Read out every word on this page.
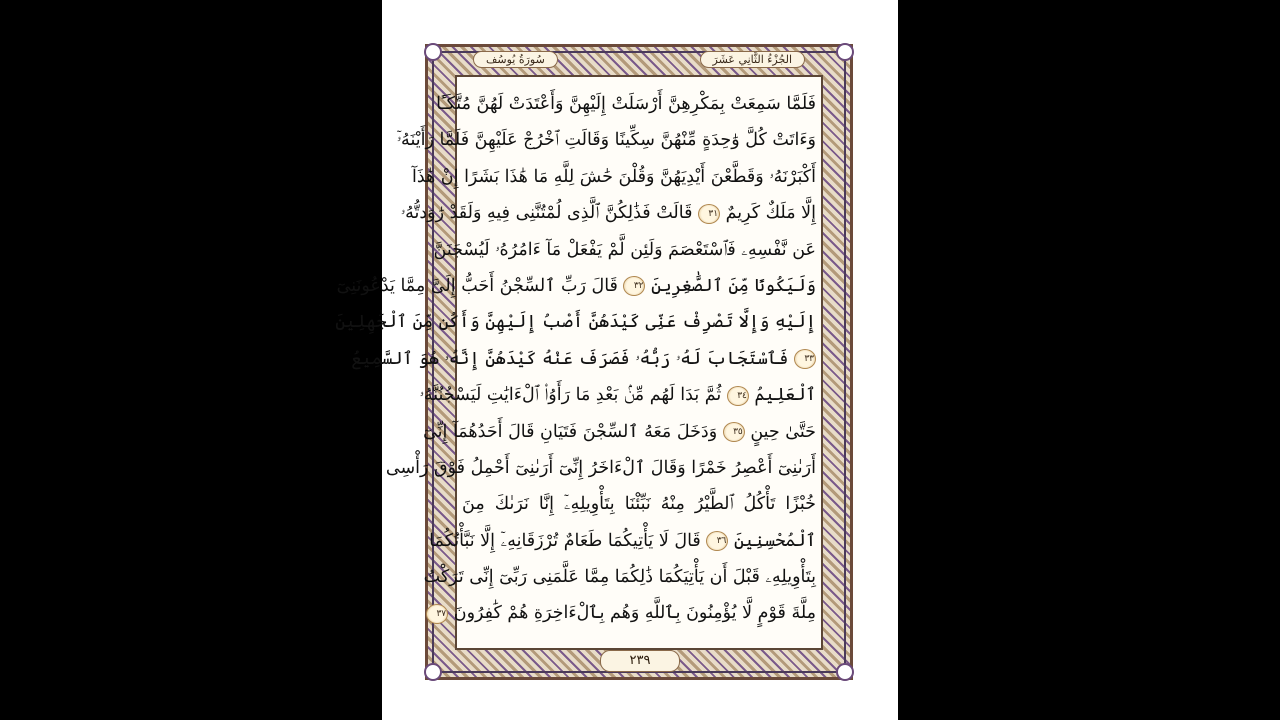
سُورَةُ يُوسُف	الجُزْءُ الثَّانِي عَشَرَ
فَلَمَّا سَمِعَتْ بِمَكْرِهِنَّ أَرْسَلَتْ إِلَيْهِنَّ وَأَعْتَدَتْ لَهُنَّ مُتَّكَـًٔا
وَءَاتَتْ كُلَّ وَٰحِدَةٍ مِّنْهُنَّ سِكِّينًا وَقَالَتِ ٱخْرُجْ عَلَيْهِنَّ فَلَمَّا رَأَيْنَهُۥٓ
أَكْبَرْنَهُۥ وَقَطَّعْنَ أَيْدِيَهُنَّ وَقُلْنَ حَٰشَ لِلَّهِ مَا هَٰذَا بَشَرًا إِنْ هَٰذَآ
إِلَّا مَلَكٌ كَرِيمٌ ٣١ قَالَتْ فَذَٰلِكُنَّ ٱلَّذِى لُمْتُنَّنِى فِيهِ وَلَقَدْ رَٰوَدتُّهُۥ
عَن نَّفْسِهِۦ فَٱسْتَعْصَمَ وَلَئِن لَّمْ يَفْعَلْ مَآ ءَامُرُهُۥ لَيُسْجَنَنَّ
وَلَيَكُونًا مِّنَ ٱلصَّٰغِرِينَ ٣٢ قَالَ رَبِّ ٱلسِّجْنُ أَحَبُّ إِلَىَّ مِمَّا يَدْعُونَنِىٓ
إِلَيْهِ وَإِلَّا تَصْرِفْ عَنِّى كَيْدَهُنَّ أَصْبُ إِلَيْهِنَّ وَأَكُن مِّنَ ٱلْجَٰهِلِينَ
٣٣ فَٱسْتَجَابَ لَهُۥ رَبُّهُۥ فَصَرَفَ عَنْهُ كَيْدَهُنَّ إِنَّهُۥ هُوَ ٱلسَّمِيعُ
ٱلْعَلِيمُ ٣٤ ثُمَّ بَدَا لَهُم مِّنۢ بَعْدِ مَا رَأَوُا۟ ٱلْءَايَٰتِ لَيَسْجُنُنَّهُۥ
حَتَّىٰ حِينٍ ٣٥ وَدَخَلَ مَعَهُ ٱلسِّجْنَ فَتَيَانِ قَالَ أَحَدُهُمَآ إِنِّىٓ
أَرَىٰنِىٓ أَعْصِرُ خَمْرًا وَقَالَ ٱلْءَاخَرُ إِنِّىٓ أَرَىٰنِىٓ أَحْمِلُ فَوْقَ رَأْسِى
خُبْزًا تَأْكُلُ ٱلطَّيْرُ مِنْهُ نَبِّئْنَا بِتَأْوِيلِهِۦٓ إِنَّا نَرَىٰكَ مِنَ
ٱلْمُحْسِنِينَ ٣٦ قَالَ لَا يَأْتِيكُمَا طَعَامٌ تُرْزَقَانِهِۦٓ إِلَّا نَبَّأْتُكُمَا
بِتَأْوِيلِهِۦ قَبْلَ أَن يَأْتِيَكُمَا ذَٰلِكُمَا مِمَّا عَلَّمَنِى رَبِّىٓ إِنِّى تَرَكْتُ
مِلَّةَ قَوْمٍ لَّا يُؤْمِنُونَ بِٱللَّهِ وَهُم بِٱلْءَاخِرَةِ هُمْ كَٰفِرُونَ ٣٧
٢٣٩
